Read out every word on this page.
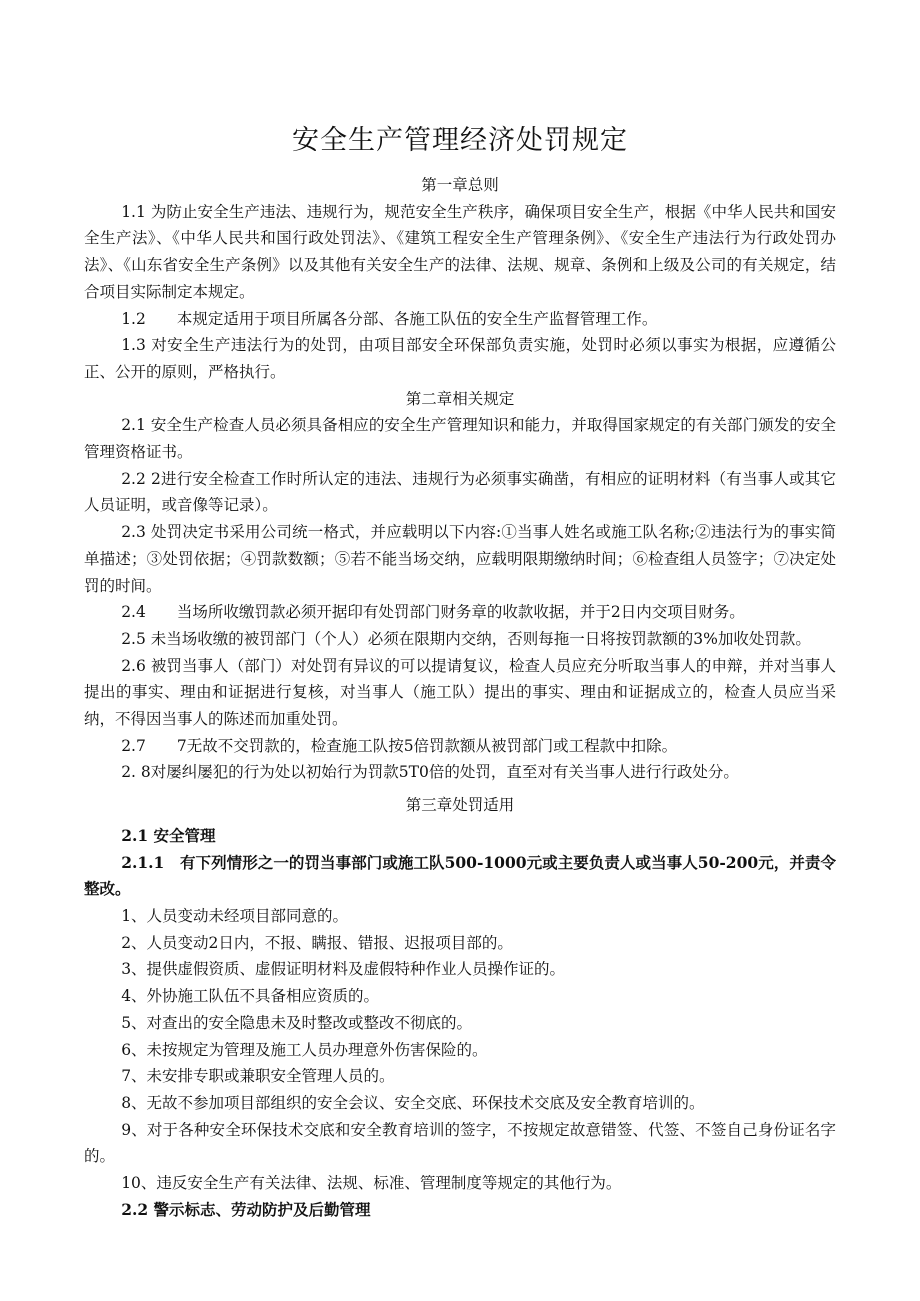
安全生产管理经济处罚规定

第一章总则

1.1 为防止安全生产违法、违规行为，规范安全生产秩序，确保项目安全生产，根据《中华人民共和国安全生产法》、《中华人民共和国行政处罚法》、《建筑工程安全生产管理条例》、《安全生产违法行为行政处罚办法》、《山东省安全生产条例》以及其他有关安全生产的法律、法规、规章、条例和上级及公司的有关规定，结合项目实际制定本规定。

1.2　　本规定适用于项目所属各分部、各施工队伍的安全生产监督管理工作。

1.3 对安全生产违法行为的处罚，由项目部安全环保部负责实施，处罚时必须以事实为根据，应遵循公正、公开的原则，严格执行。

第二章相关规定

2.1 安全生产检查人员必须具备相应的安全生产管理知识和能力，并取得国家规定的有关部门颁发的安全管理资格证书。

2.2 2进行安全检查工作时所认定的违法、违规行为必须事实确凿，有相应的证明材料（有当事人或其它人员证明，或音像等记录）。

2.3 处罚决定书采用公司统一格式，并应载明以下内容:①当事人姓名或施工队名称;②违法行为的事实简单描述；③处罚依据；④罚款数额；⑤若不能当场交纳，应载明限期缴纳时间；⑥检查组人员签字；⑦决定处罚的时间。

2.4　　当场所收缴罚款必须开据印有处罚部门财务章的收款收据，并于2日内交项目财务。

2.5 未当场收缴的被罚部门（个人）必须在限期内交纳，否则每拖一日将按罚款额的3%加收处罚款。

2.6 被罚当事人（部门）对处罚有异议的可以提请复议，检查人员应充分听取当事人的申辩，并对当事人提出的事实、理由和证据进行复核，对当事人（施工队）提出的事实、理由和证据成立的，检查人员应当采纳，不得因当事人的陈述而加重处罚。

2.7　　7无故不交罚款的，检查施工队按5倍罚款额从被罚部门或工程款中扣除。

2. 8对屡纠屡犯的行为处以初始行为罚款5T0倍的处罚，直至对有关当事人进行行政处分。

第三章处罚适用

2.1 安全管理

2.1.1　有下列情形之一的罚当事部门或施工队500-1000元或主要负责人或当事人50-200元，并责令整改。

1、人员变动未经项目部同意的。

2、人员变动2日内，不报、瞒报、错报、迟报项目部的。

3、提供虚假资质、虚假证明材料及虚假特种作业人员操作证的。

4、外协施工队伍不具备相应资质的。

5、对查出的安全隐患未及时整改或整改不彻底的。

6、未按规定为管理及施工人员办理意外伤害保险的。

7、未安排专职或兼职安全管理人员的。

8、无故不参加项目部组织的安全会议、安全交底、环保技术交底及安全教育培训的。

9、对于各种安全环保技术交底和安全教育培训的签字，不按规定故意错签、代签、不签自己身份证名字的。

10、违反安全生产有关法律、法规、标准、管理制度等规定的其他行为。

2.2 警示标志、劳动防护及后勤管理
